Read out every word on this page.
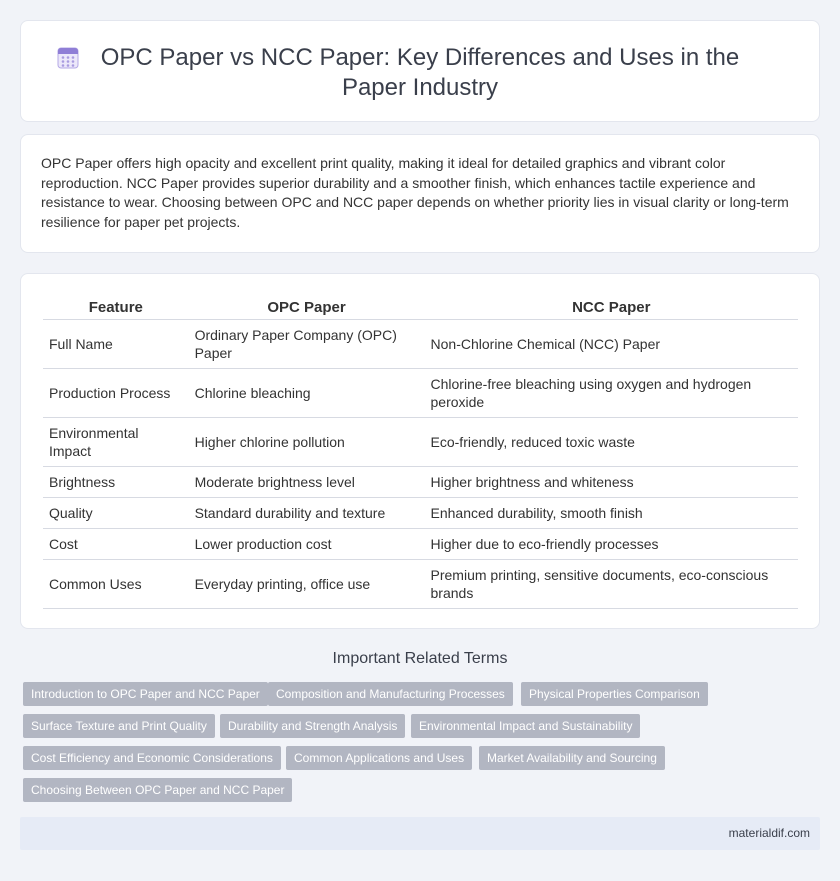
OPC Paper vs NCC Paper: Key Differences and Uses in the Paper Industry

OPC Paper offers high opacity and excellent print quality, making it ideal for detailed graphics and vibrant color reproduction. NCC Paper provides superior durability and a smoother finish, which enhances tactile experience and resistance to wear. Choosing between OPC and NCC paper depends on whether priority lies in visual clarity or long-term resilience for paper pet projects.

Feature	OPC Paper	NCC Paper
Full Name	Ordinary Paper Company (OPC) Paper	Non-Chlorine Chemical (NCC) Paper
Production Process	Chlorine bleaching	Chlorine-free bleaching using oxygen and hydrogen peroxide
Environmental Impact	Higher chlorine pollution	Eco-friendly, reduced toxic waste
Brightness	Moderate brightness level	Higher brightness and whiteness
Quality	Standard durability and texture	Enhanced durability, smooth finish
Cost	Lower production cost	Higher due to eco-friendly processes
Common Uses	Everyday printing, office use	Premium printing, sensitive documents, eco-conscious brands
Important Related Terms
Introduction to OPC Paper and NCC Paper	Composition and Manufacturing Processes	Physical Properties Comparison
Surface Texture and Print Quality	Durability and Strength Analysis	Environmental Impact and Sustainability
Cost Efficiency and Economic Considerations	Common Applications and Uses	Market Availability and Sourcing
Choosing Between OPC Paper and NCC Paper
materialdif.com
